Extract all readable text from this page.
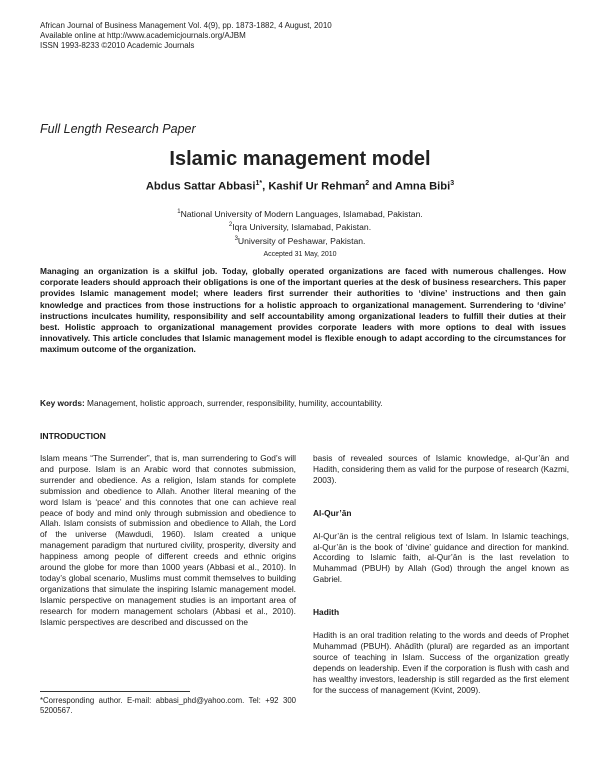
African Journal of Business Management Vol. 4(9), pp. 1873-1882, 4 August, 2010
Available online at http://www.academicjournals.org/AJBM
ISSN 1993-8233 ©2010 Academic Journals
Full Length Research Paper
Islamic management model
Abdus Sattar Abbasi$^{1*}$, Kashif Ur Rehman$^2$ and Amna Bibi$^3$
$^1$National University of Modern Languages, Islamabad, Pakistan.
$^2$Iqra University, Islamabad, Pakistan.
$^3$University of Peshawar, Pakistan.
Accepted 31 May, 2010

Managing an organization is a skilful job. Today, globally operated organizations are faced with numerous challenges. How corporate leaders should approach their obligations is one of the important queries at the desk of business researchers. This paper provides Islamic management model; where leaders first surrender their authorities to ‘divine’ instructions and then gain knowledge and practices from those instructions for a holistic approach to organizational management. Surrendering to ‘divine’ instructions inculcates humility, responsibility and self accountability among organizational leaders to fulfill their duties at their best. Holistic approach to organizational management provides corporate leaders with more options to deal with issues innovatively. This article concludes that Islamic management model is flexible enough to adapt according to the circumstances for maximum outcome of the organization.

Key words: Management, holistic approach, surrender, responsibility, humility, accountability.

INTRODUCTION

Islam means “The Surrender”, that is, man surrendering to God’s will and purpose. Islam is an Arabic word that connotes submission, surrender and obedience. As a religion, Islam stands for complete submission and obedience to Allah. Another literal meaning of the word Islam is ‘peace’ and this connotes that one can achieve real peace of body and mind only through submission and obedience to Allah. Islam consists of submission and obedience to Allah, the Lord of the universe (Mawdudi, 1960). Islam created a unique management paradigm that nurtured civility, prosperity, diversity and happiness among people of different creeds and ethnic origins around the globe for more than 1000 years (Abbasi et al., 2010). In today’s global scenario, Muslims must commit themselves to building organizations that simulate the inspiring Islamic management model. Islamic perspective on management studies is an important area of research for modern management scholars (Abbasi et al., 2010). Islamic perspectives are described and discussed on the

basis of revealed sources of Islamic knowledge, al-Qur’ān and Hadith, considering them as valid for the purpose of research (Kazmi, 2003).

Al-Qur’ān

Al-Qur’ān is the central religious text of Islam. In Islamic teachings, al-Qur’ān is the book of ‘divine’ guidance and direction for mankind. According to Islamic faith, al-Qur’ān is the last revelation to Muhammad (PBUH) by Allah (God) through the angel known as Gabriel.

Hadith

Hadith is an oral tradition relating to the words and deeds of Prophet Muhammad (PBUH). Ahādīth (plural) are regarded as an important source of teaching in Islam. Success of the organization greatly depends on leadership. Even if the corporation is flush with cash and has wealthy investors, leadership is still regarded as the first element for the success of management (Kvint, 2009).

*Corresponding author. E-mail: abbasi_phd@yahoo.com. Tel: +92 300 5200567.
